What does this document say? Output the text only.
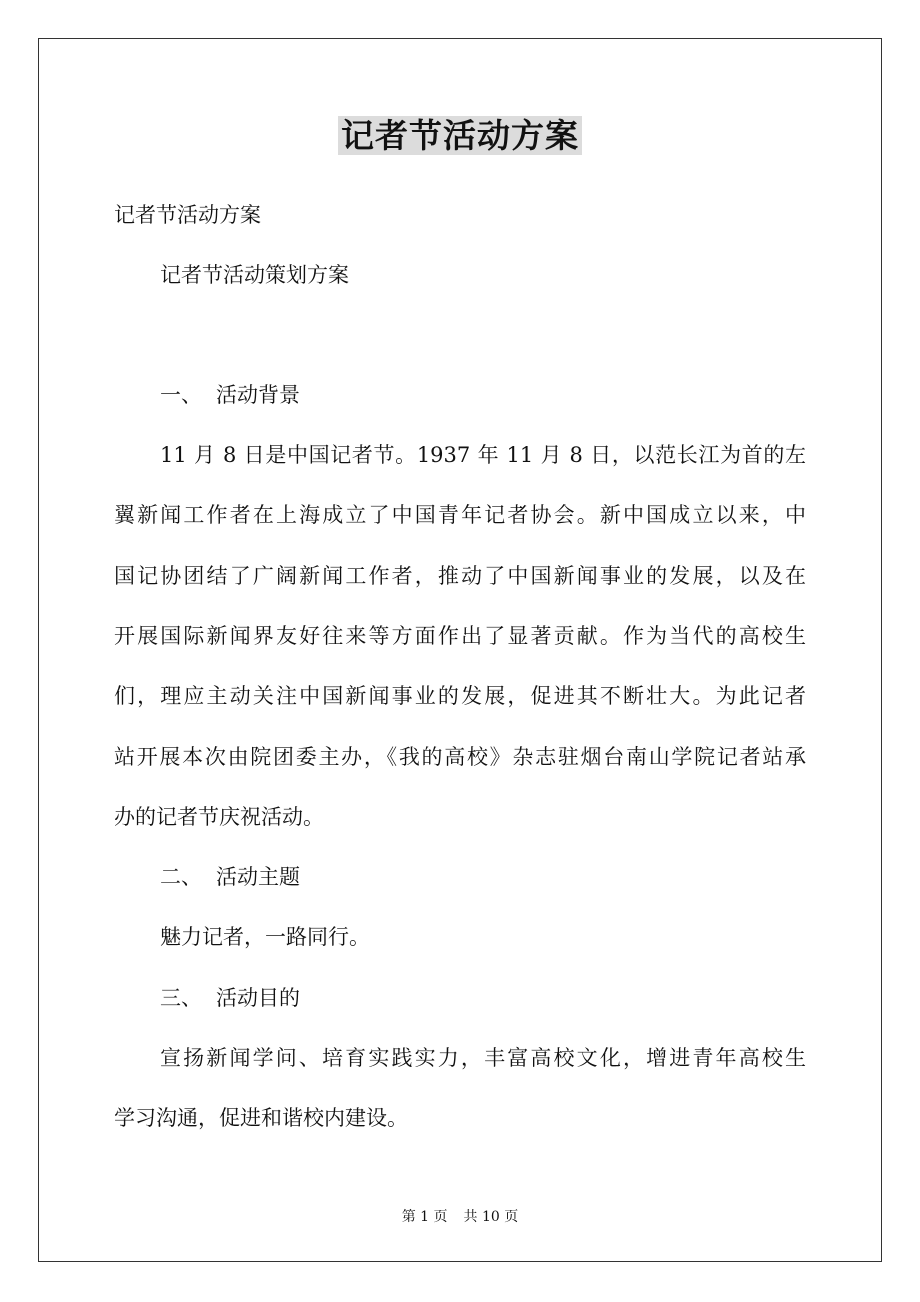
记者节活动方案
记者节活动方案
记者节活动策划方案
一、 活动背景
11 月 8 日是中国记者节。1937 年 11 月 8 日，以范长江为首的左
翼新闻工作者在上海成立了中国青年记者协会。新中国成立以来，中
国记协团结了广阔新闻工作者，推动了中国新闻事业的发展，以及在
开展国际新闻界友好往来等方面作出了显著贡献。作为当代的高校生
们，理应主动关注中国新闻事业的发展，促进其不断壮大。为此记者
站开展本次由院团委主办，《我的高校》杂志驻烟台南山学院记者站承
办的记者节庆祝活动。
二、 活动主题
魅力记者，一路同行。
三、 活动目的
宣扬新闻学问、培育实践实力，丰富高校文化，增进青年高校生
学习沟通，促进和谐校内建设。
第 1 页 共 10 页
